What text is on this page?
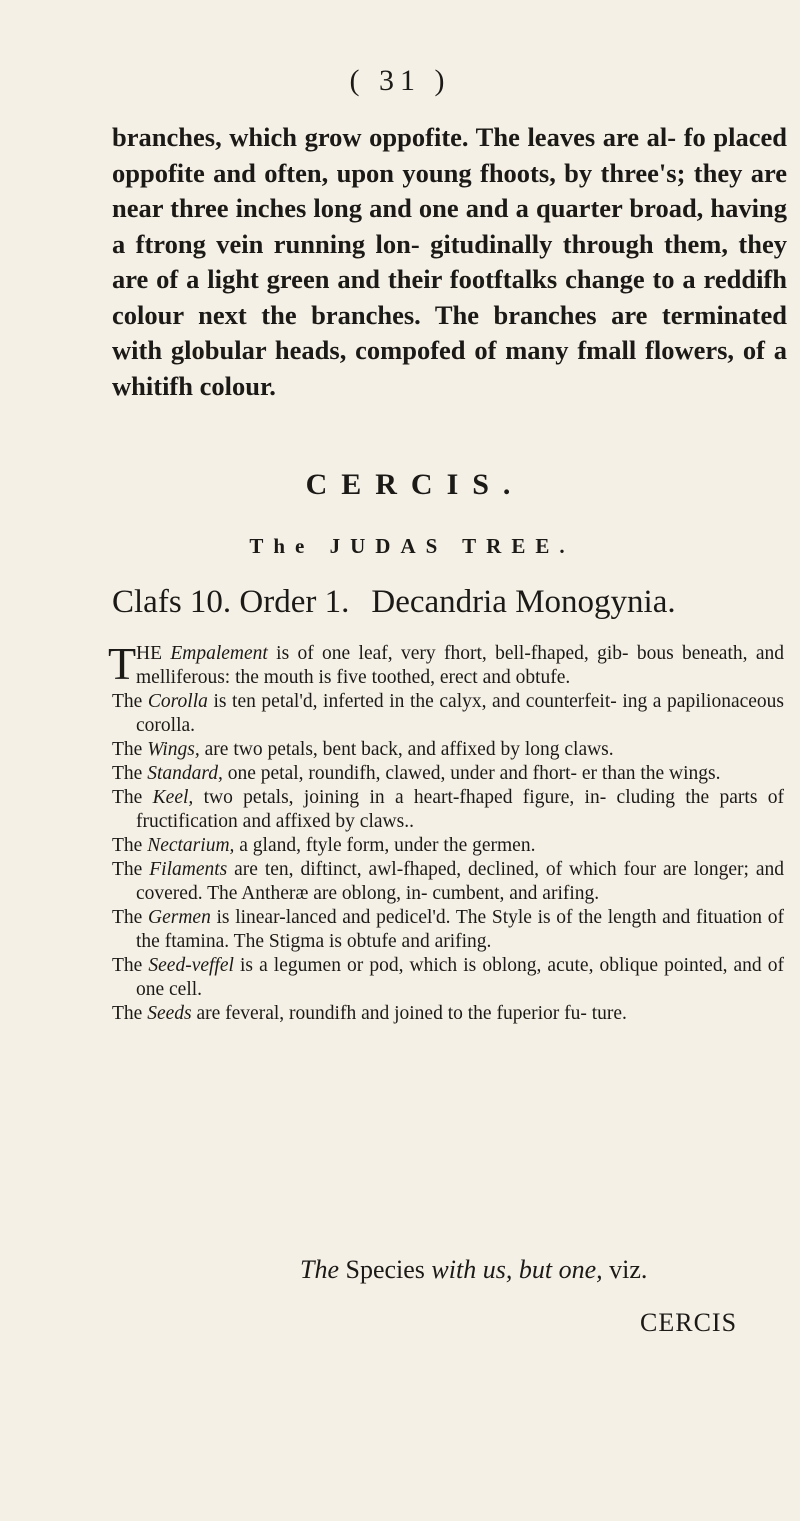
( 31 )

branches, which grow oppofite. The leaves are al- fo placed oppofite and often, upon young fhoots, by three's; they are near three inches long and one and a quarter broad, having a ftrong vein running lon- gitudinally through them, they are of a light green and their footftalks change to a reddifh colour next the branches. The branches are terminated with globular heads, compofed of many fmall flowers, of a whitifh colour.

CERCIS.
The JUDAS TREE.
Clafs 10. Order 1. Decandria Monogynia.
T HE Empalement is of one leaf, very fhort, bell-fhaped, gib- bous beneath, and melliferous: the mouth is five toothed, erect and obtufe.
The Corolla is ten petal'd, inferted in the calyx, and counterfeit- ing a papilionaceous corolla.
The Wings, are two petals, bent back, and affixed by long claws.
The Standard, one petal, roundifh, clawed, under and fhort- er than the wings.
The Keel, two petals, joining in a heart-fhaped figure, in- cluding the parts of fructification and affixed by claws..
The Nectarium, a gland, ftyle form, under the germen.
The Filaments are ten, diftinct, awl-fhaped, declined, of which four are longer; and covered. The Antheræ are oblong, in- cumbent, and arifing.
The Germen is linear-lanced and pedicel'd. The Style is of the length and fituation of the ftamina. The Stigma is obtufe and arifing.
The Seed-veffel is a legumen or pod, which is oblong, acute, oblique pointed, and of one cell.
The Seeds are feveral, roundifh and joined to the fuperior fu- ture.
The Species with us, but one, viz.
CERCIS
